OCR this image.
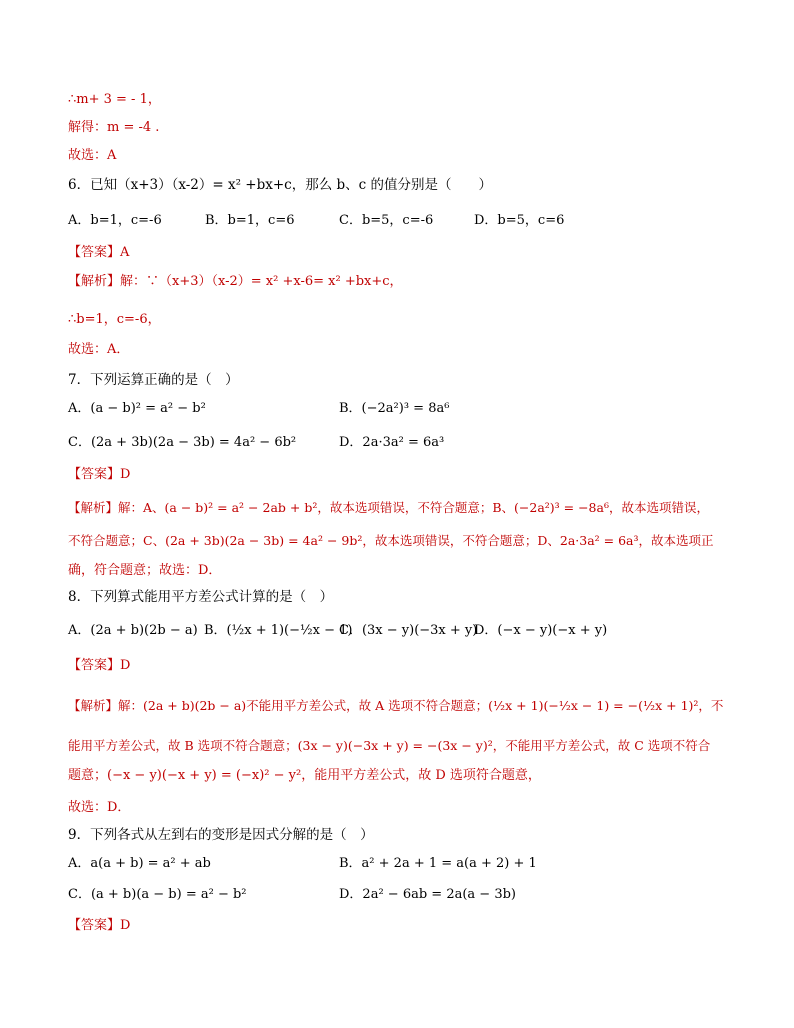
∴m+ 3 = - 1，
解得：m = -4 .
故选：A
6．已知（x+3）（x-2）= x² +bx+c，那么 b、c 的值分别是（　　）
A．b=1，c=-6	B．b=1，c=6	C．b=5，c=-6	D．b=5，c=6
【答案】A
【解析】解：∵（x+3）（x-2）= x² +x-6= x² +bx+c，
∴b=1，c=-6，
故选：A．
7．下列运算正确的是（　）
A．(a − b)² = a² − b²	B．(−2a²)³ = 8a⁶
C．(2a + 3b)(2a − 3b) = 4a² − 6b²	D．2a·3a² = 6a³
【答案】D
【解析】解：A、(a − b)² = a² − 2ab + b²，故本选项错误，不符合题意；B、(−2a²)³ = −8a⁶，故本选项错误，
不符合题意；C、(2a + 3b)(2a − 3b) = 4a² − 9b²，故本选项错误，不符合题意；D、2a·3a² = 6a³，故本选项正
确，符合题意；故选：D．
8．下列算式能用平方差公式计算的是（　）
A．(2a + b)(2b − a) B．(½x + 1)(−½x − 1)
C．(3x − y)(−3x + y)
D．(−x − y)(−x + y)
【答案】D
【解析】解：(2a + b)(2b − a)不能用平方差公式，故 A 选项不符合题意；(½x + 1)(−½x − 1) = −(½x + 1)²，不
能用平方差公式，故 B 选项不符合题意；(3x − y)(−3x + y) = −(3x − y)²，不能用平方差公式，故 C 选项不符合
题意；(−x − y)(−x + y) = (−x)² − y²，能用平方差公式，故 D 选项符合题意，
故选：D．
9．下列各式从左到右的变形是因式分解的是（　）
A．a(a + b) = a² + ab	B．a² + 2a + 1 = a(a + 2) + 1
C．(a + b)(a − b) = a² − b²	D．2a² − 6ab = 2a(a − 3b)
【答案】D
